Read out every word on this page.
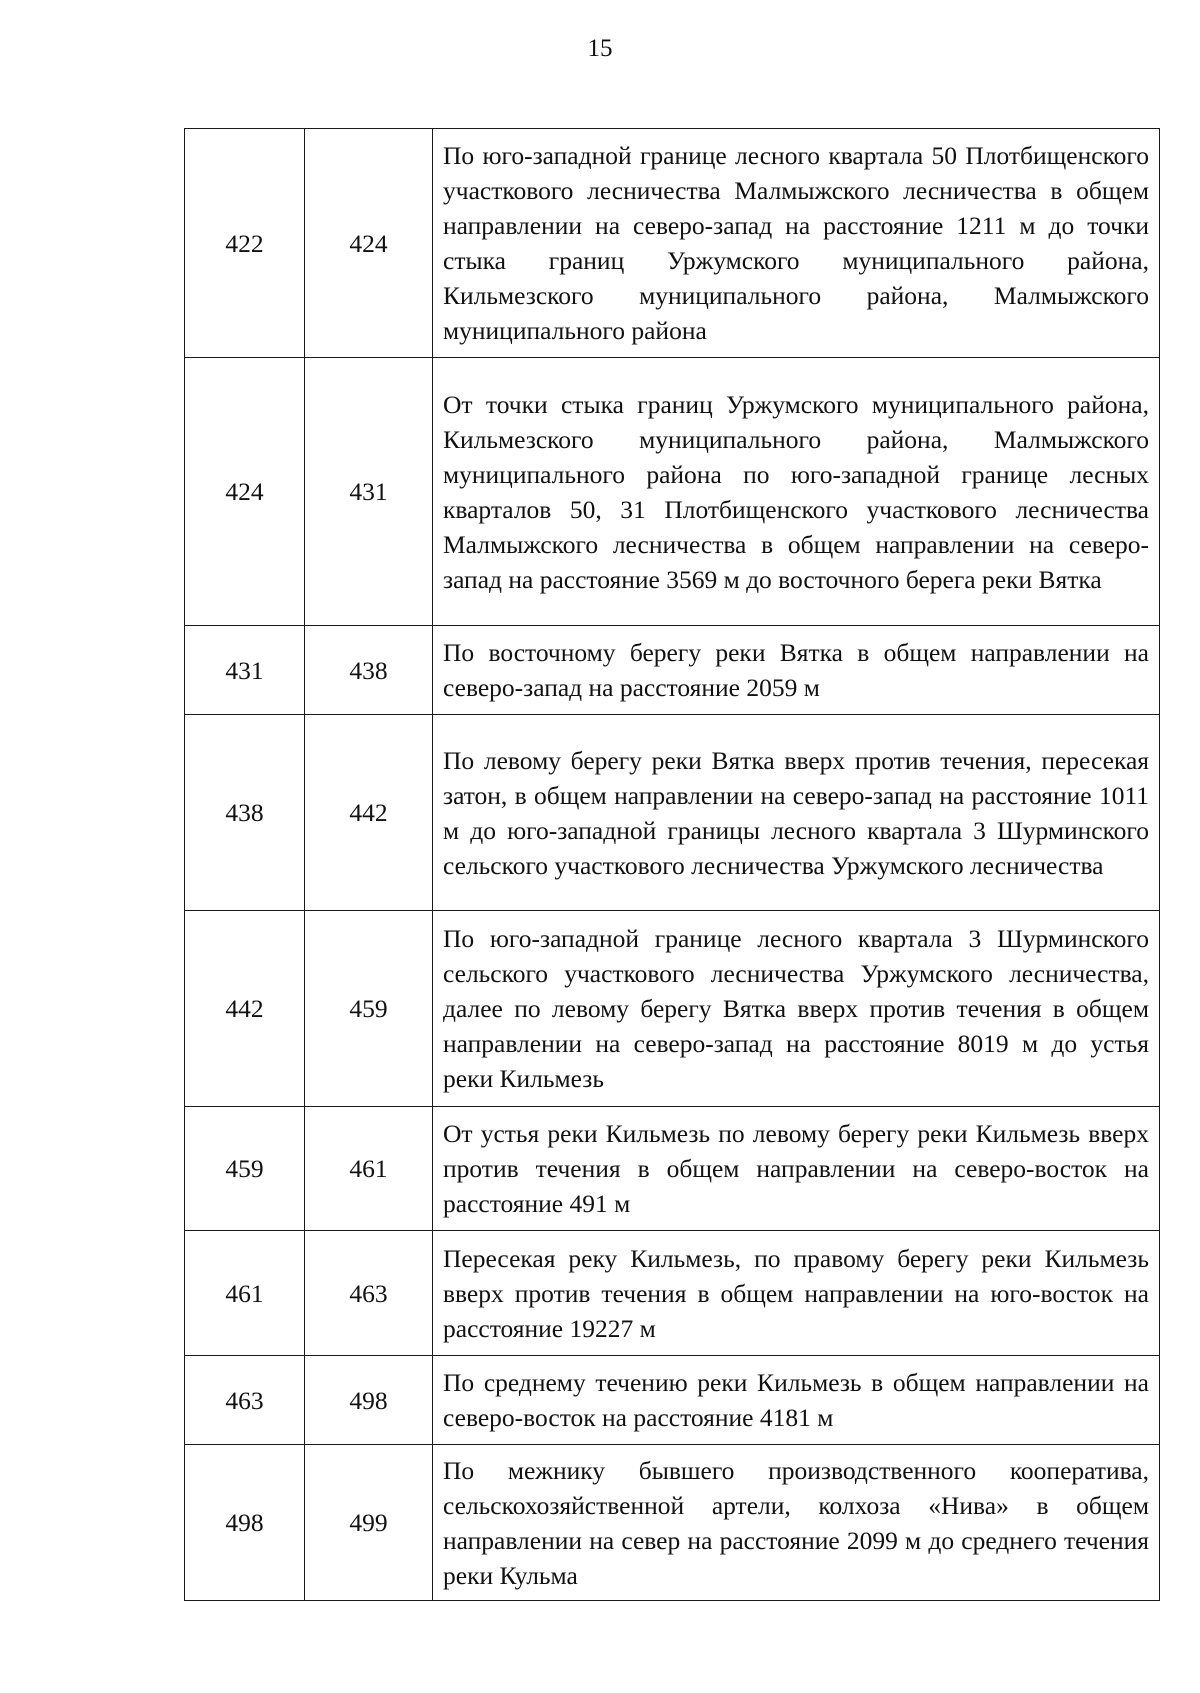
15
422	424	По юго-западной границе лесного квартала 50 Плотбищенского участкового лесничества Малмыжского лесничества в общем направлении на северо-запад на расстояние 1211 м до точки стыка границ Уржумского муниципального района, Кильмезского муниципального района, Малмыжского муниципального района
424	431	От точки стыка границ Уржумского муниципального района, Кильмезского муниципального района, Малмыжского муниципального района по юго-западной границе лесных кварталов 50, 31 Плотбищенского участкового лесничества Малмыжского лесничества в общем направлении на северо-запад на расстояние 3569 м до восточного берега реки Вятка
431	438	По восточному берегу реки Вятка в общем направлении на северо-запад на расстояние 2059 м
438	442	По левому берегу реки Вятка вверх против течения, пересекая затон, в общем направлении на северо-запад на расстояние 1011 м до юго-западной границы лесного квартала 3 Шурминского сельского участкового лесничества Уржумского лесничества
442	459	По юго-западной границе лесного квартала 3 Шурминского сельского участкового лесничества Уржумского лесничества, далее по левому берегу Вятка вверх против течения в общем направлении на северо-запад на расстояние 8019 м до устья реки Кильмезь
459	461	От устья реки Кильмезь по левому берегу реки Кильмезь вверх против течения в общем направлении на северо-восток на расстояние 491 м
461	463	Пересекая реку Кильмезь, по правому берегу реки Кильмезь вверх против течения в общем направлении на юго-восток на расстояние 19227 м
463	498	По среднему течению реки Кильмезь в общем направлении на северо-восток на расстояние 4181 м
498	499	По межнику бывшего производственного кооператива, сельскохозяйственной артели, колхоза «Нива» в общем направлении на север на расстояние 2099 м до среднего течения реки Кульма
